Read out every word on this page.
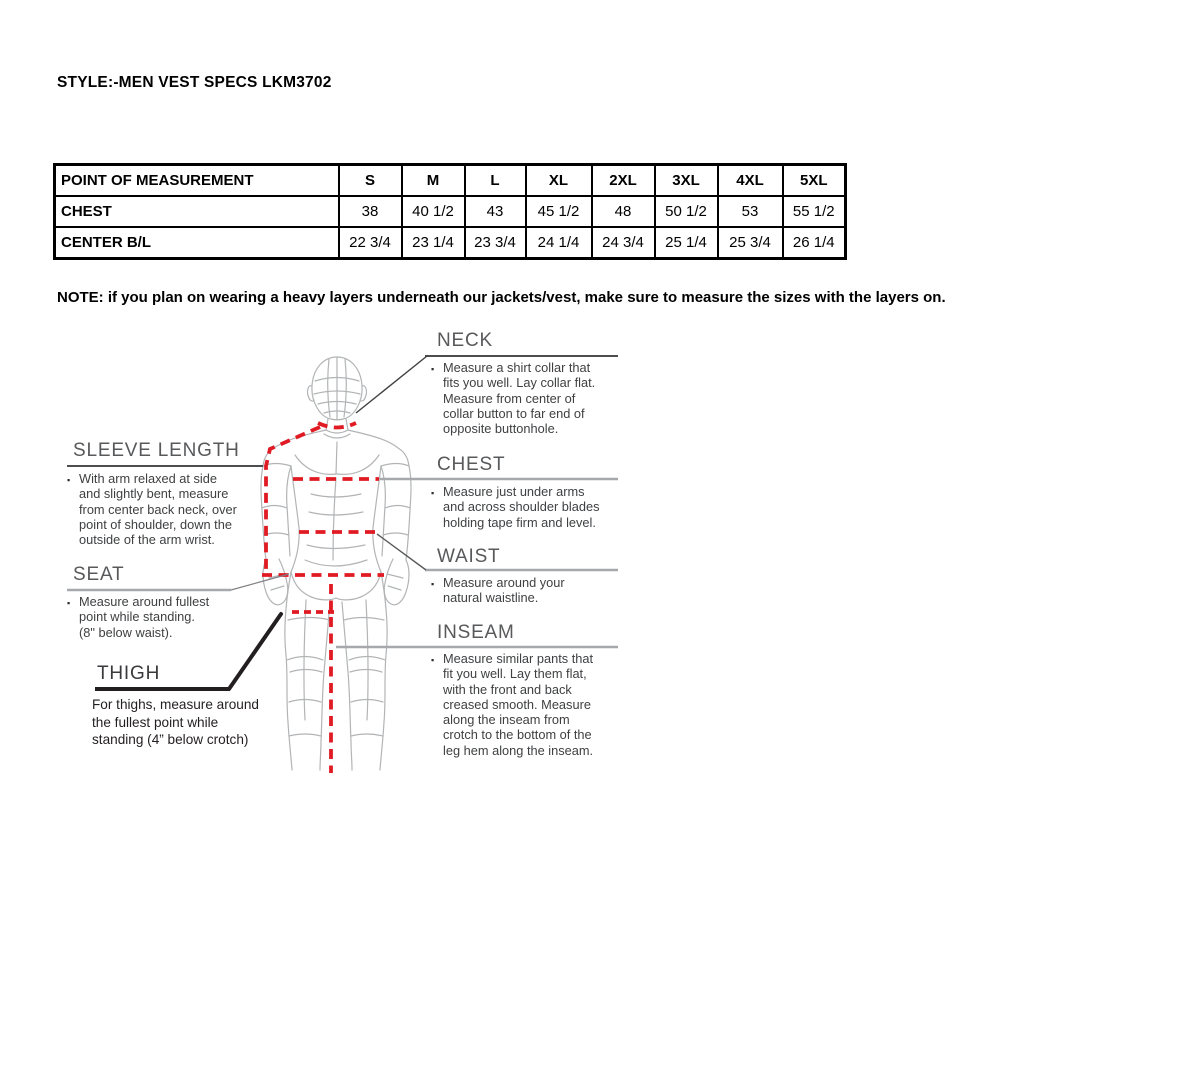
STYLE:-MEN VEST SPECS LKM3702
POINT OF MEASUREMENT	S	M	L	XL	2XL	3XL	4XL	5XL
CHEST	38	40 1/2	43	45 1/2	48	50 1/2	53	55 1/2
CENTER B/L	22 3/4	23 1/4	23 3/4	24 1/4	24 3/4	25 1/4	25 3/4	26 1/4
NOTE: if you plan on wearing a heavy layers underneath our jackets/vest, make sure to measure the sizes with the layers on.
NECK
▪ Measure a shirt collar that
fits you well. Lay collar flat.
Measure from center of
collar button to far end of
opposite buttonhole.
SLEEVE LENGTH
▪ With arm relaxed at side
and slightly bent, measure
from center back neck, over
point of shoulder, down the
outside of the arm wrist.
CHEST
▪ Measure just under arms
and across shoulder blades
holding tape firm and level.
WAIST
▪ Measure around your
natural waistline.
SEAT
▪ Measure around fullest
point while standing.
(8" below waist).	INSEAM
▪ Measure similar pants that
fit you well. Lay them flat,
with the front and back
creased smooth. Measure
along the inseam from
crotch to the bottom of the
leg hem along the inseam.
THIGH
For thighs, measure around
the fullest point while
standing (4” below crotch)
